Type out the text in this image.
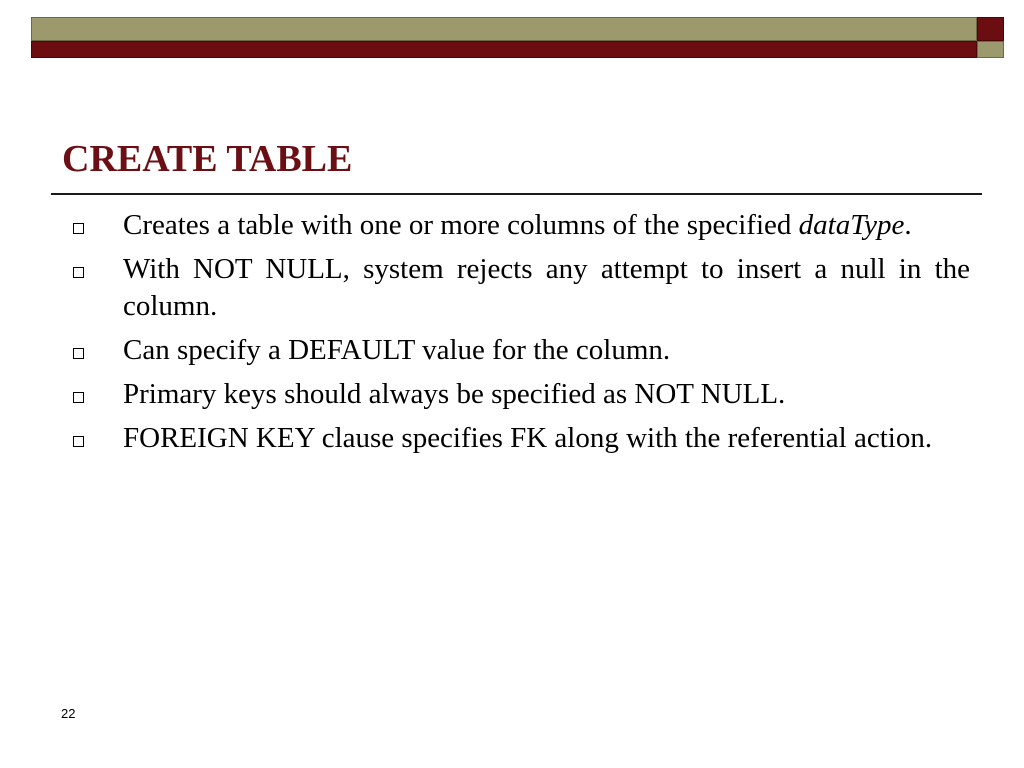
CREATE TABLE
Creates a table with one or more columns of the specified dataType.
With NOT NULL, system rejects any attempt to insert a null in the column.
Can specify a DEFAULT value for the column.
Primary keys should always be specified as NOT NULL.
FOREIGN KEY clause specifies FK along with the referential action.
22
